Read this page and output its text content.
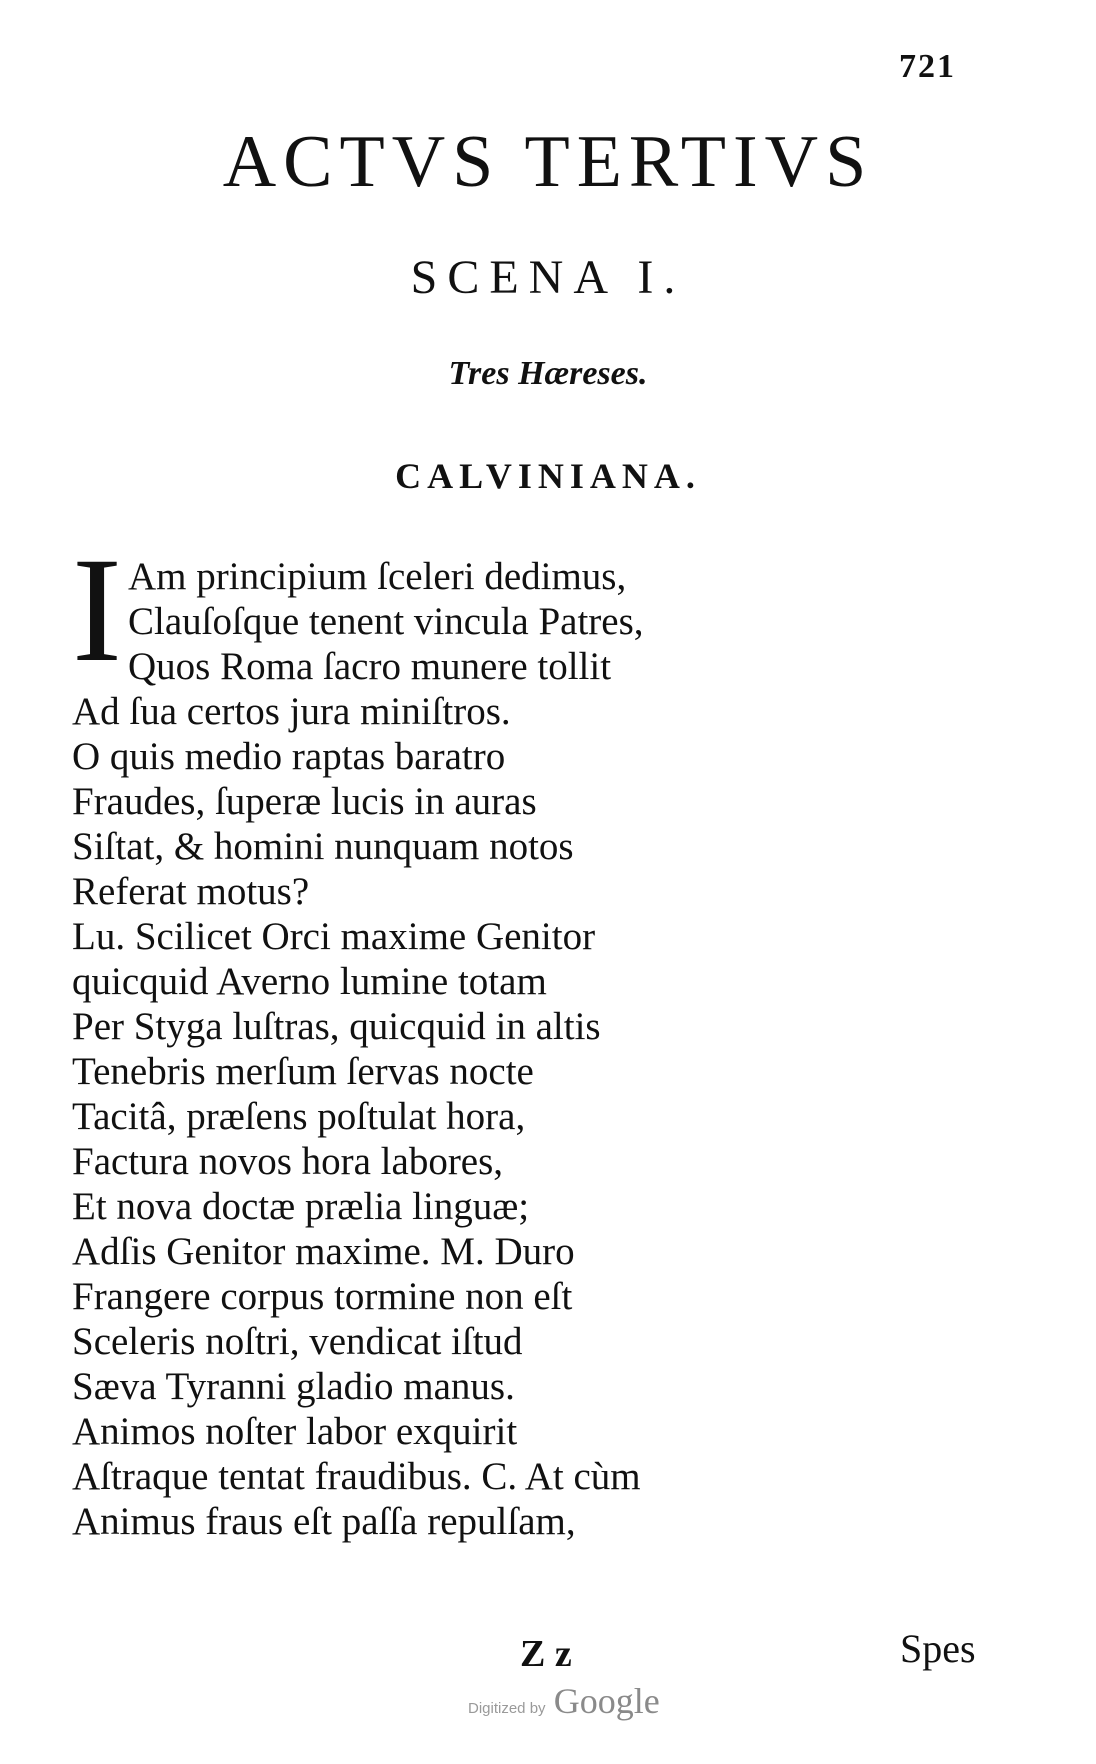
721
ACTVS TERTIVS
SCENA I.
Tres Hæreses.
CALVINIANA.
I Am principium ſceleri dedimus,
Clauſoſque tenent vincula Patres,
Quos Roma ſacro munere tollit
Ad ſua certos jura miniſtros.
O quis medio raptas baratro
Fraudes, ſuperæ lucis in auras
Siſtat, & homini nunquam notos
Referat motus?
Lu. Scilicet Orci maxime Genitor
quicquid Averno lumine totam
Per Styga luſtras, quicquid in altis
Tenebris merſum ſervas nocte
Tacitâ, præſens poſtulat hora,
Factura novos hora labores,
Et nova doctæ prælia linguæ;
Adſis Genitor maxime. M. Duro
Frangere corpus tormine non eſt
Sceleris noſtri, vendicat iſtud
Sæva Tyranni gladio manus.
Animos noſter labor exquirit
Aſtraque tentat fraudibus. C. At cùm
Animus fraus eſt paſſa repulſam,
Z z	Spes
Digitized by Google
